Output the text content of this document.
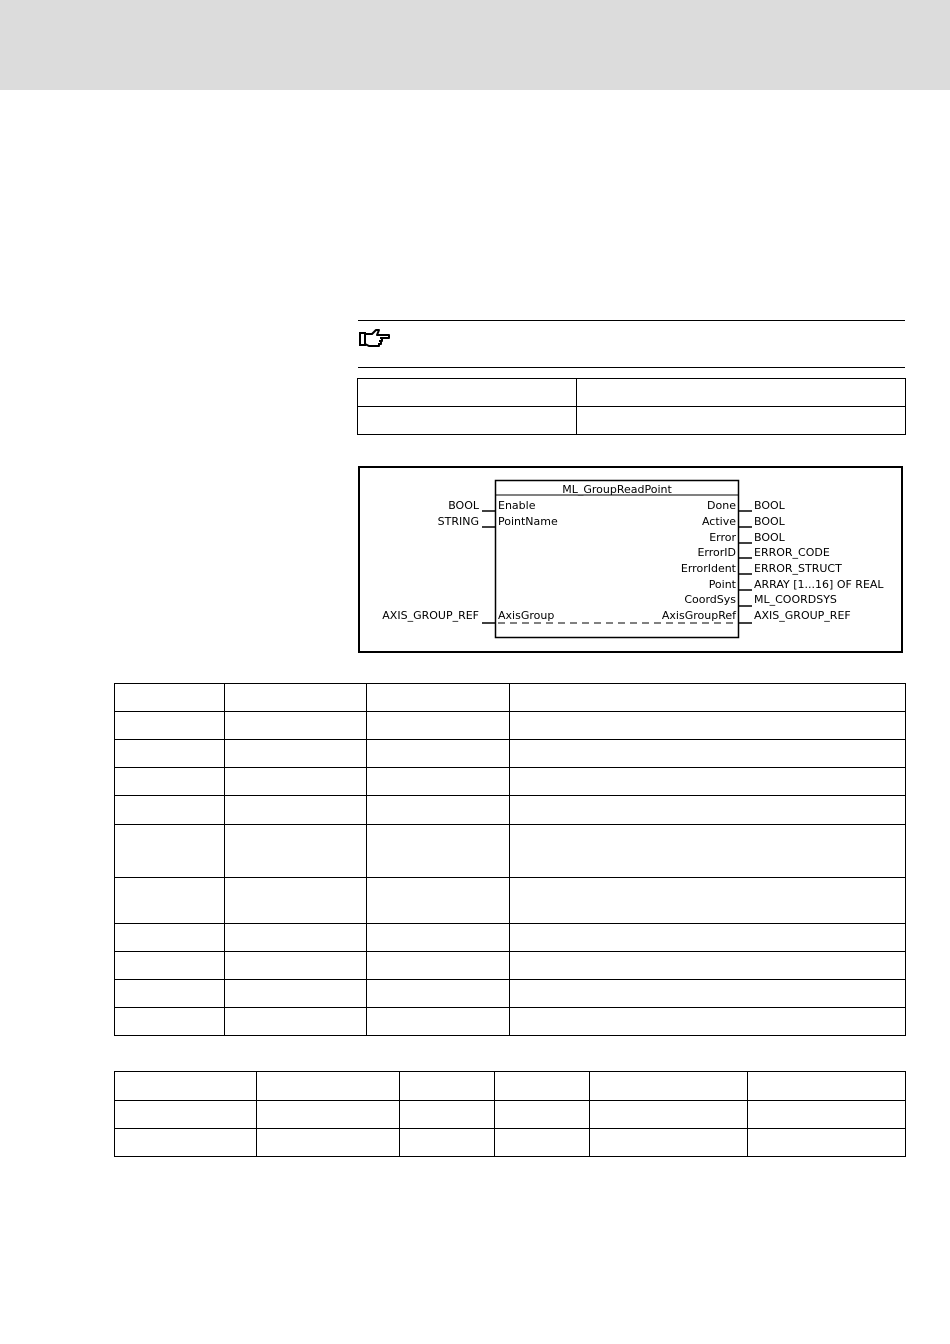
ML_GroupReadPoint
BOOL Enable
STRING PointName
AXIS_GROUP_REF AxisGroup
Done BOOL
Active BOOL
Error BOOL
ErrorID ERROR_CODE
ErrorIdent ERROR_STRUCT
Point ARRAY [1...16] OF REAL
CoordSys ML_COORDSYS
AxisGroupRef AXIS_GROUP_REF
